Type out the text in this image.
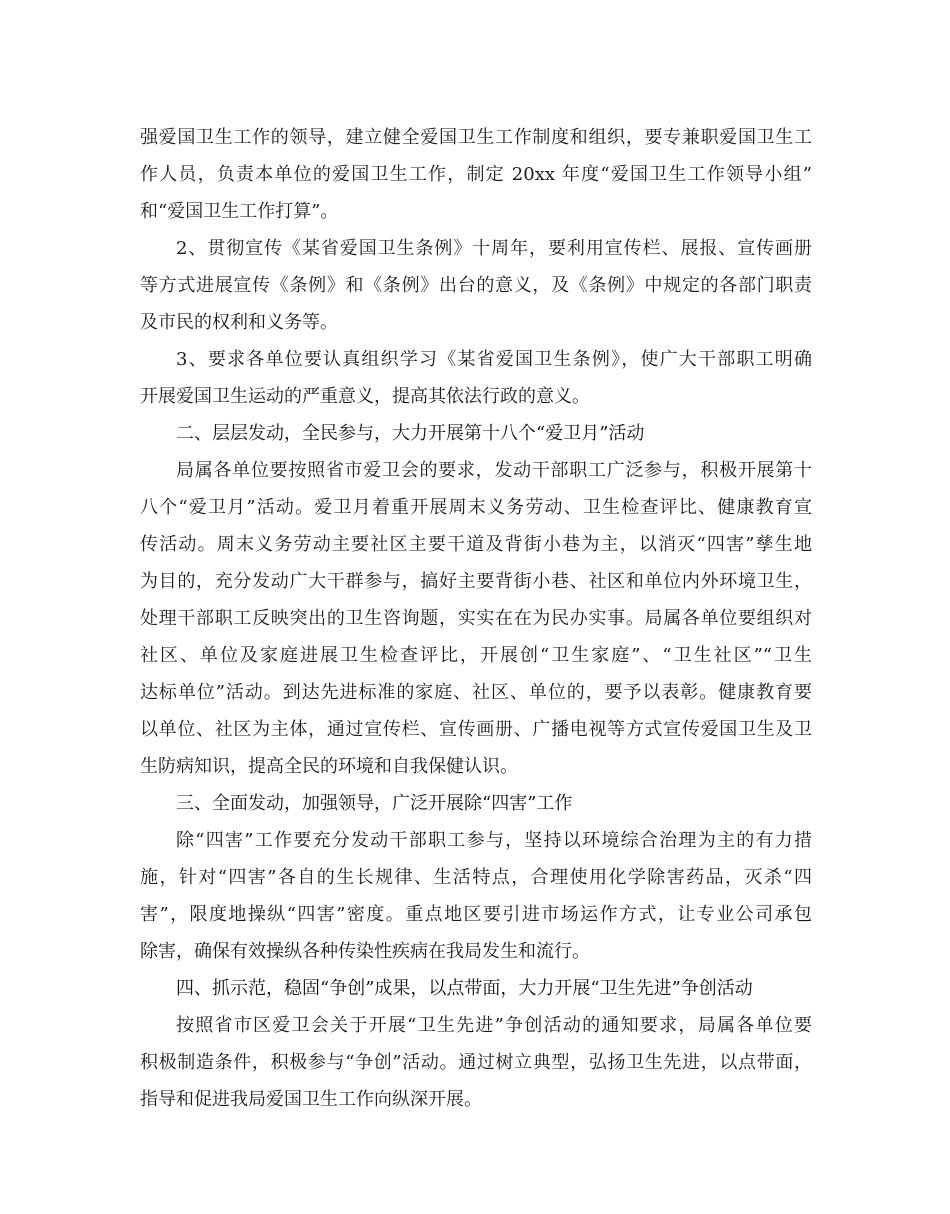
强爱国卫生工作的领导，建立健全爱国卫生工作制度和组织，要专兼职爱国卫生工
作人员，负责本单位的爱国卫生工作，制定 20xx 年度“爱国卫生工作领导小组”
和“爱国卫生工作打算”。
2、贯彻宣传《某省爱国卫生条例》十周年，要利用宣传栏、展报、宣传画册
等方式进展宣传《条例》和《条例》出台的意义，及《条例》中规定的各部门职责
及市民的权利和义务等。
3、要求各单位要认真组织学习《某省爱国卫生条例》，使广大干部职工明确
开展爱国卫生运动的严重意义，提高其依法行政的意义。
二、层层发动，全民参与，大力开展第十八个“爱卫月”活动
局属各单位要按照省市爱卫会的要求，发动干部职工广泛参与，积极开展第十
八个“爱卫月”活动。爱卫月着重开展周末义务劳动、卫生检查评比、健康教育宣
传活动。周末义务劳动主要社区主要干道及背街小巷为主，以消灭“四害”孳生地
为目的，充分发动广大干群参与，搞好主要背街小巷、社区和单位内外环境卫生，
处理干部职工反映突出的卫生咨询题，实实在在为民办实事。局属各单位要组织对
社区、单位及家庭进展卫生检查评比，开展创“卫生家庭”、“卫生社区”“卫生
达标单位”活动。到达先进标准的家庭、社区、单位的，要予以表彰。健康教育要
以单位、社区为主体，通过宣传栏、宣传画册、广播电视等方式宣传爱国卫生及卫
生防病知识，提高全民的环境和自我保健认识。
三、全面发动，加强领导，广泛开展除“四害”工作
除“四害”工作要充分发动干部职工参与，坚持以环境综合治理为主的有力措
施，针对“四害”各自的生长规律、生活特点，合理使用化学除害药品，灭杀“四
害”，限度地操纵“四害”密度。重点地区要引进市场运作方式，让专业公司承包
除害，确保有效操纵各种传染性疾病在我局发生和流行。
四、抓示范，稳固“争创”成果，以点带面，大力开展“卫生先进”争创活动
按照省市区爱卫会关于开展“卫生先进”争创活动的通知要求，局属各单位要
积极制造条件，积极参与“争创”活动。通过树立典型，弘扬卫生先进，以点带面，
指导和促进我局爱国卫生工作向纵深开展。
